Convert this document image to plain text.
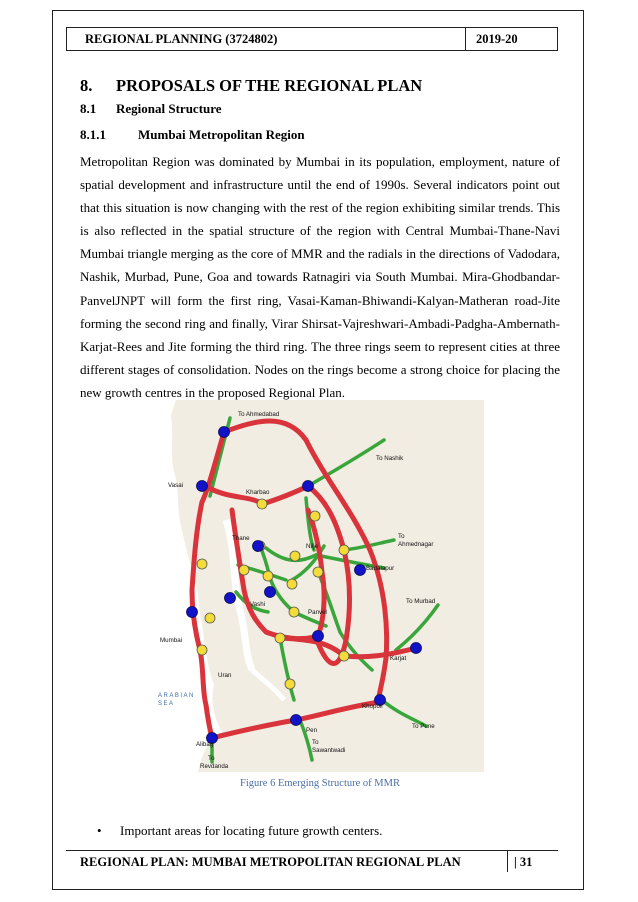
REGIONAL PLANNING (3724802)	2019-20
8. PROPOSALS OF THE REGIONAL PLAN
8.1 Regional Structure
8.1.1 Mumbai Metropolitan Region

Metropolitan Region was dominated by Mumbai in its population, employment, nature of spatial development and infrastructure until the end of 1990s. Several indicators point out that this situation is now changing with the rest of the region exhibiting similar trends. This is also reflected in the spatial structure of the region with Central Mumbai-Thane-Navi Mumbai triangle merging as the core of MMR and the radials in the directions of Vadodara, Nashik, Murbad, Pune, Goa and towards Ratnagiri via South Mumbai. Mira-Ghodbandar-PanvelJNPT will form the first ring, Vasai-Kaman-Bhiwandi-Kalyan-Matheran road-Jite forming the second ring and finally, Virar Shirsat-Vajreshwari-Ambadi-Padgha-Ambernath-Karjat-Rees and Jite forming the third ring. The three rings seem to represent cities at three different stages of consolidation. Nodes on the rings become a strong choice for placing the new growth centres in the proposed Regional Plan.

To Ahmedabad
To Nashik
Vasai
Kharbao
Thane
Nilje
To
Ahmednagar
Badalapur
Vashi
Panvel
To Murbad
Mumbai
Karjat
Uran
ARABIAN
SEA	Khopoli
To Pune
Pen
Alibag	To
Sawantwadi
To
Revdanda
Figure 6 Emerging Structure of MMR
• Important areas for locating future growth centers.
REGIONAL PLAN: MUMBAI METROPOLITAN REGIONAL PLAN	| 31
